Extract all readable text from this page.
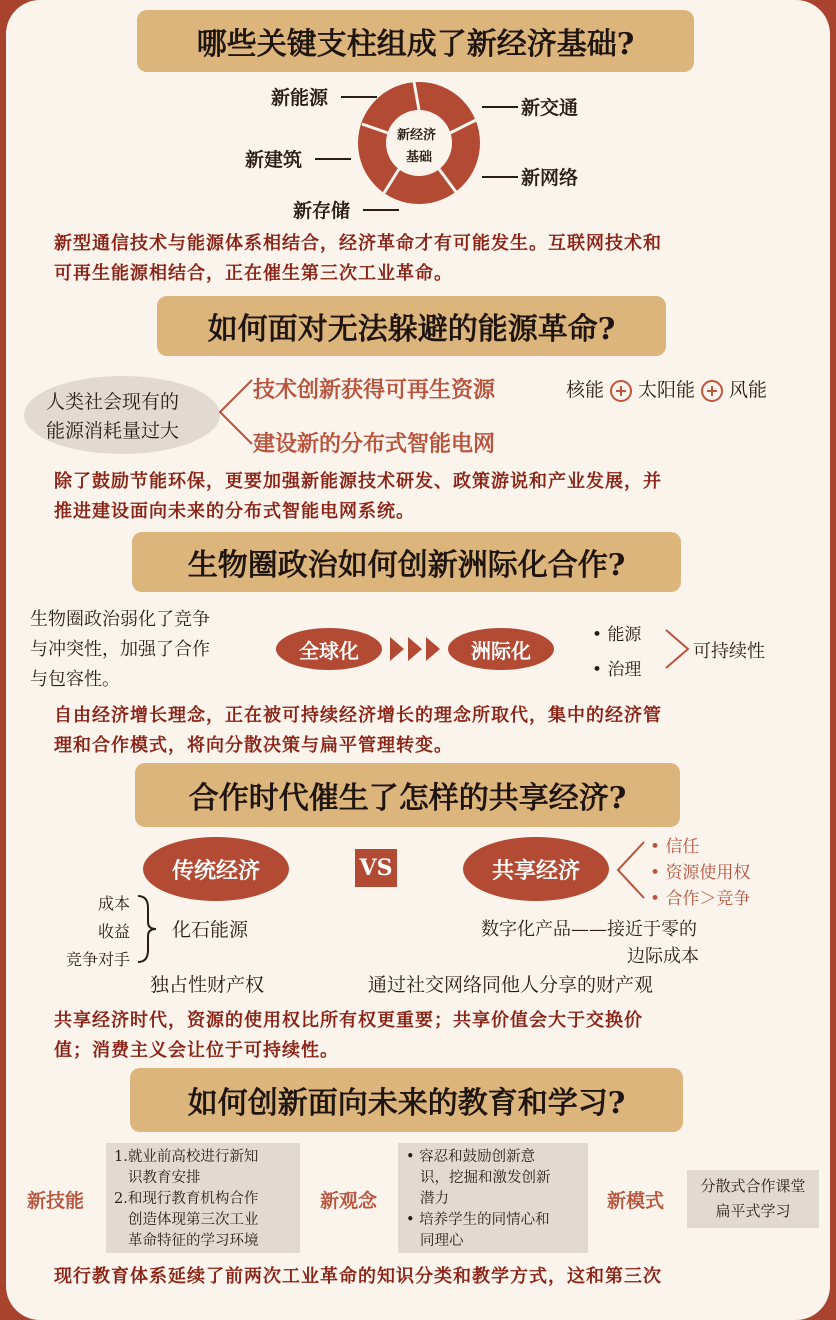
哪些关键支柱组成了新经济基础?
新经济
基础
新能源	新交通
新建筑
新网络
新存储
新型通信技术与能源体系相结合，经济革命才有可能发生。互联网技术和
可再生能源相结合，正在催生第三次工业革命。
如何面对无法躲避的能源革命?
人类社会现有的
能源消耗量过大
技术创新获得可再生资源	核能 太阳能 风能
建设新的分布式智能电网
除了鼓励节能环保，更要加强新能源技术研发、政策游说和产业发展，并
推进建设面向未来的分布式智能电网系统。
生物圈政治如何创新洲际化合作?
生物圈政治弱化了竞争
与冲突性，加强了合作
与包容性。
全球化	洲际化
• 能源
• 治理
可持续性
自由经济增长理念，正在被可持续经济增长的理念所取代，集中的经济管
理和合作模式，将向分散决策与扁平管理转变。
合作时代催生了怎样的共享经济?
传统经济	VS	共享经济
• 信任
• 资源使用权
• 合作＞竞争
成本
收益
竞争对手
化石能源	数字化产品——接近于零的
边际成本
独占性财产权	通过社交网络同他人分享的财产观
共享经济时代，资源的使用权比所有权更重要；共享价值会大于交换价
值；消费主义会让位于可持续性。
如何创新面向未来的教育和学习?
新技能
1.就业前高校进行新知
识教育安排
2.和现行教育机构合作
创造体现第三次工业
革命特征的学习环境
新观念
• 容忍和鼓励创新意
识，挖掘和激发创新
潜力
• 培养学生的同情心和
同理心
新模式
分散式合作课堂
扁平式学习
现行教育体系延续了前两次工业革命的知识分类和教学方式，这和第三次
